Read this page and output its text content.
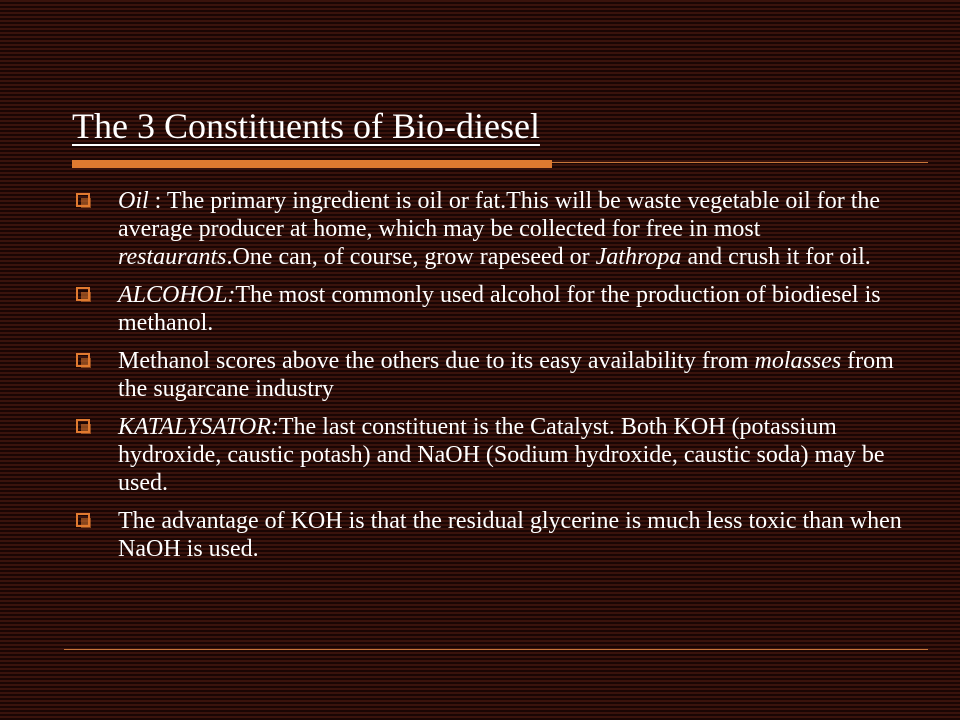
The 3 Constituents of Bio-diesel
Oil : The primary ingredient is oil or fat.This will be waste vegetable oil for the average producer at home, which may be collected for free in most restaurants.One can, of course, grow rapeseed or Jathropa and crush it for oil.
ALCOHOL:The most commonly used alcohol for the production of biodiesel is methanol.
Methanol scores above the others due to its easy availability from molasses from the sugarcane industry
KATALYSATOR:The last constituent is the Catalyst. Both KOH (potassium hydroxide, caustic potash) and NaOH (Sodium hydroxide, caustic soda) may be used.
The advantage of KOH is that the residual glycerine is much less toxic than when NaOH is used.
